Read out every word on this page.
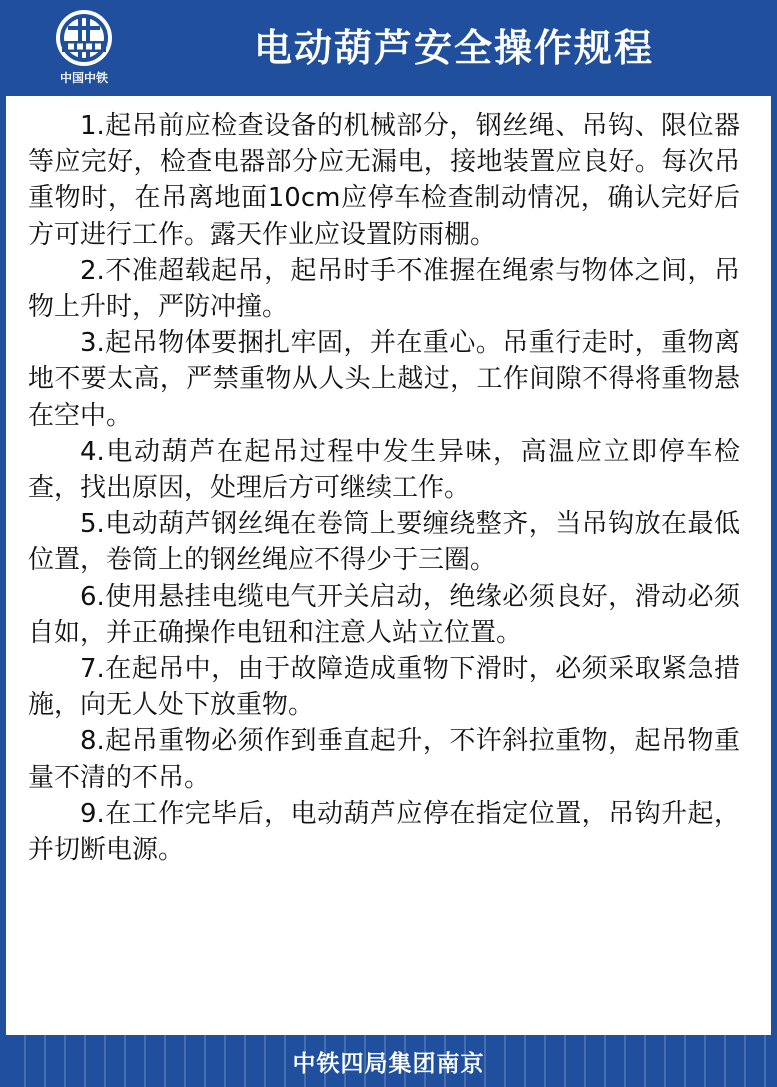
中国中铁
电动葫芦安全操作规程

1.起吊前应检查设备的机械部分，钢丝绳、吊钩、限位器等应完好，检查电器部分应无漏电，接地装置应良好。每次吊重物时，在吊离地面10cm应停车检查制动情况，确认完好后方可进行工作。露天作业应设置防雨棚。

2.不准超载起吊，起吊时手不准握在绳索与物体之间，吊物上升时，严防冲撞。

3.起吊物体要捆扎牢固，并在重心。吊重行走时，重物离地不要太高，严禁重物从人头上越过，工作间隙不得将重物悬在空中。

4.电动葫芦在起吊过程中发生异味，高温应立即停车检查，找出原因，处理后方可继续工作。

5.电动葫芦钢丝绳在卷筒上要缠绕整齐，当吊钩放在最低位置，卷筒上的钢丝绳应不得少于三圈。

6.使用悬挂电缆电气开关启动，绝缘必须良好，滑动必须自如，并正确操作电钮和注意人站立位置。

7.在起吊中，由于故障造成重物下滑时，必须采取紧急措施，向无人处下放重物。

8.起吊重物必须作到垂直起升，不许斜拉重物，起吊物重量不清的不吊。

9.在工作完毕后，电动葫芦应停在指定位置，吊钩升起，并切断电源。

中铁四局集团南京
